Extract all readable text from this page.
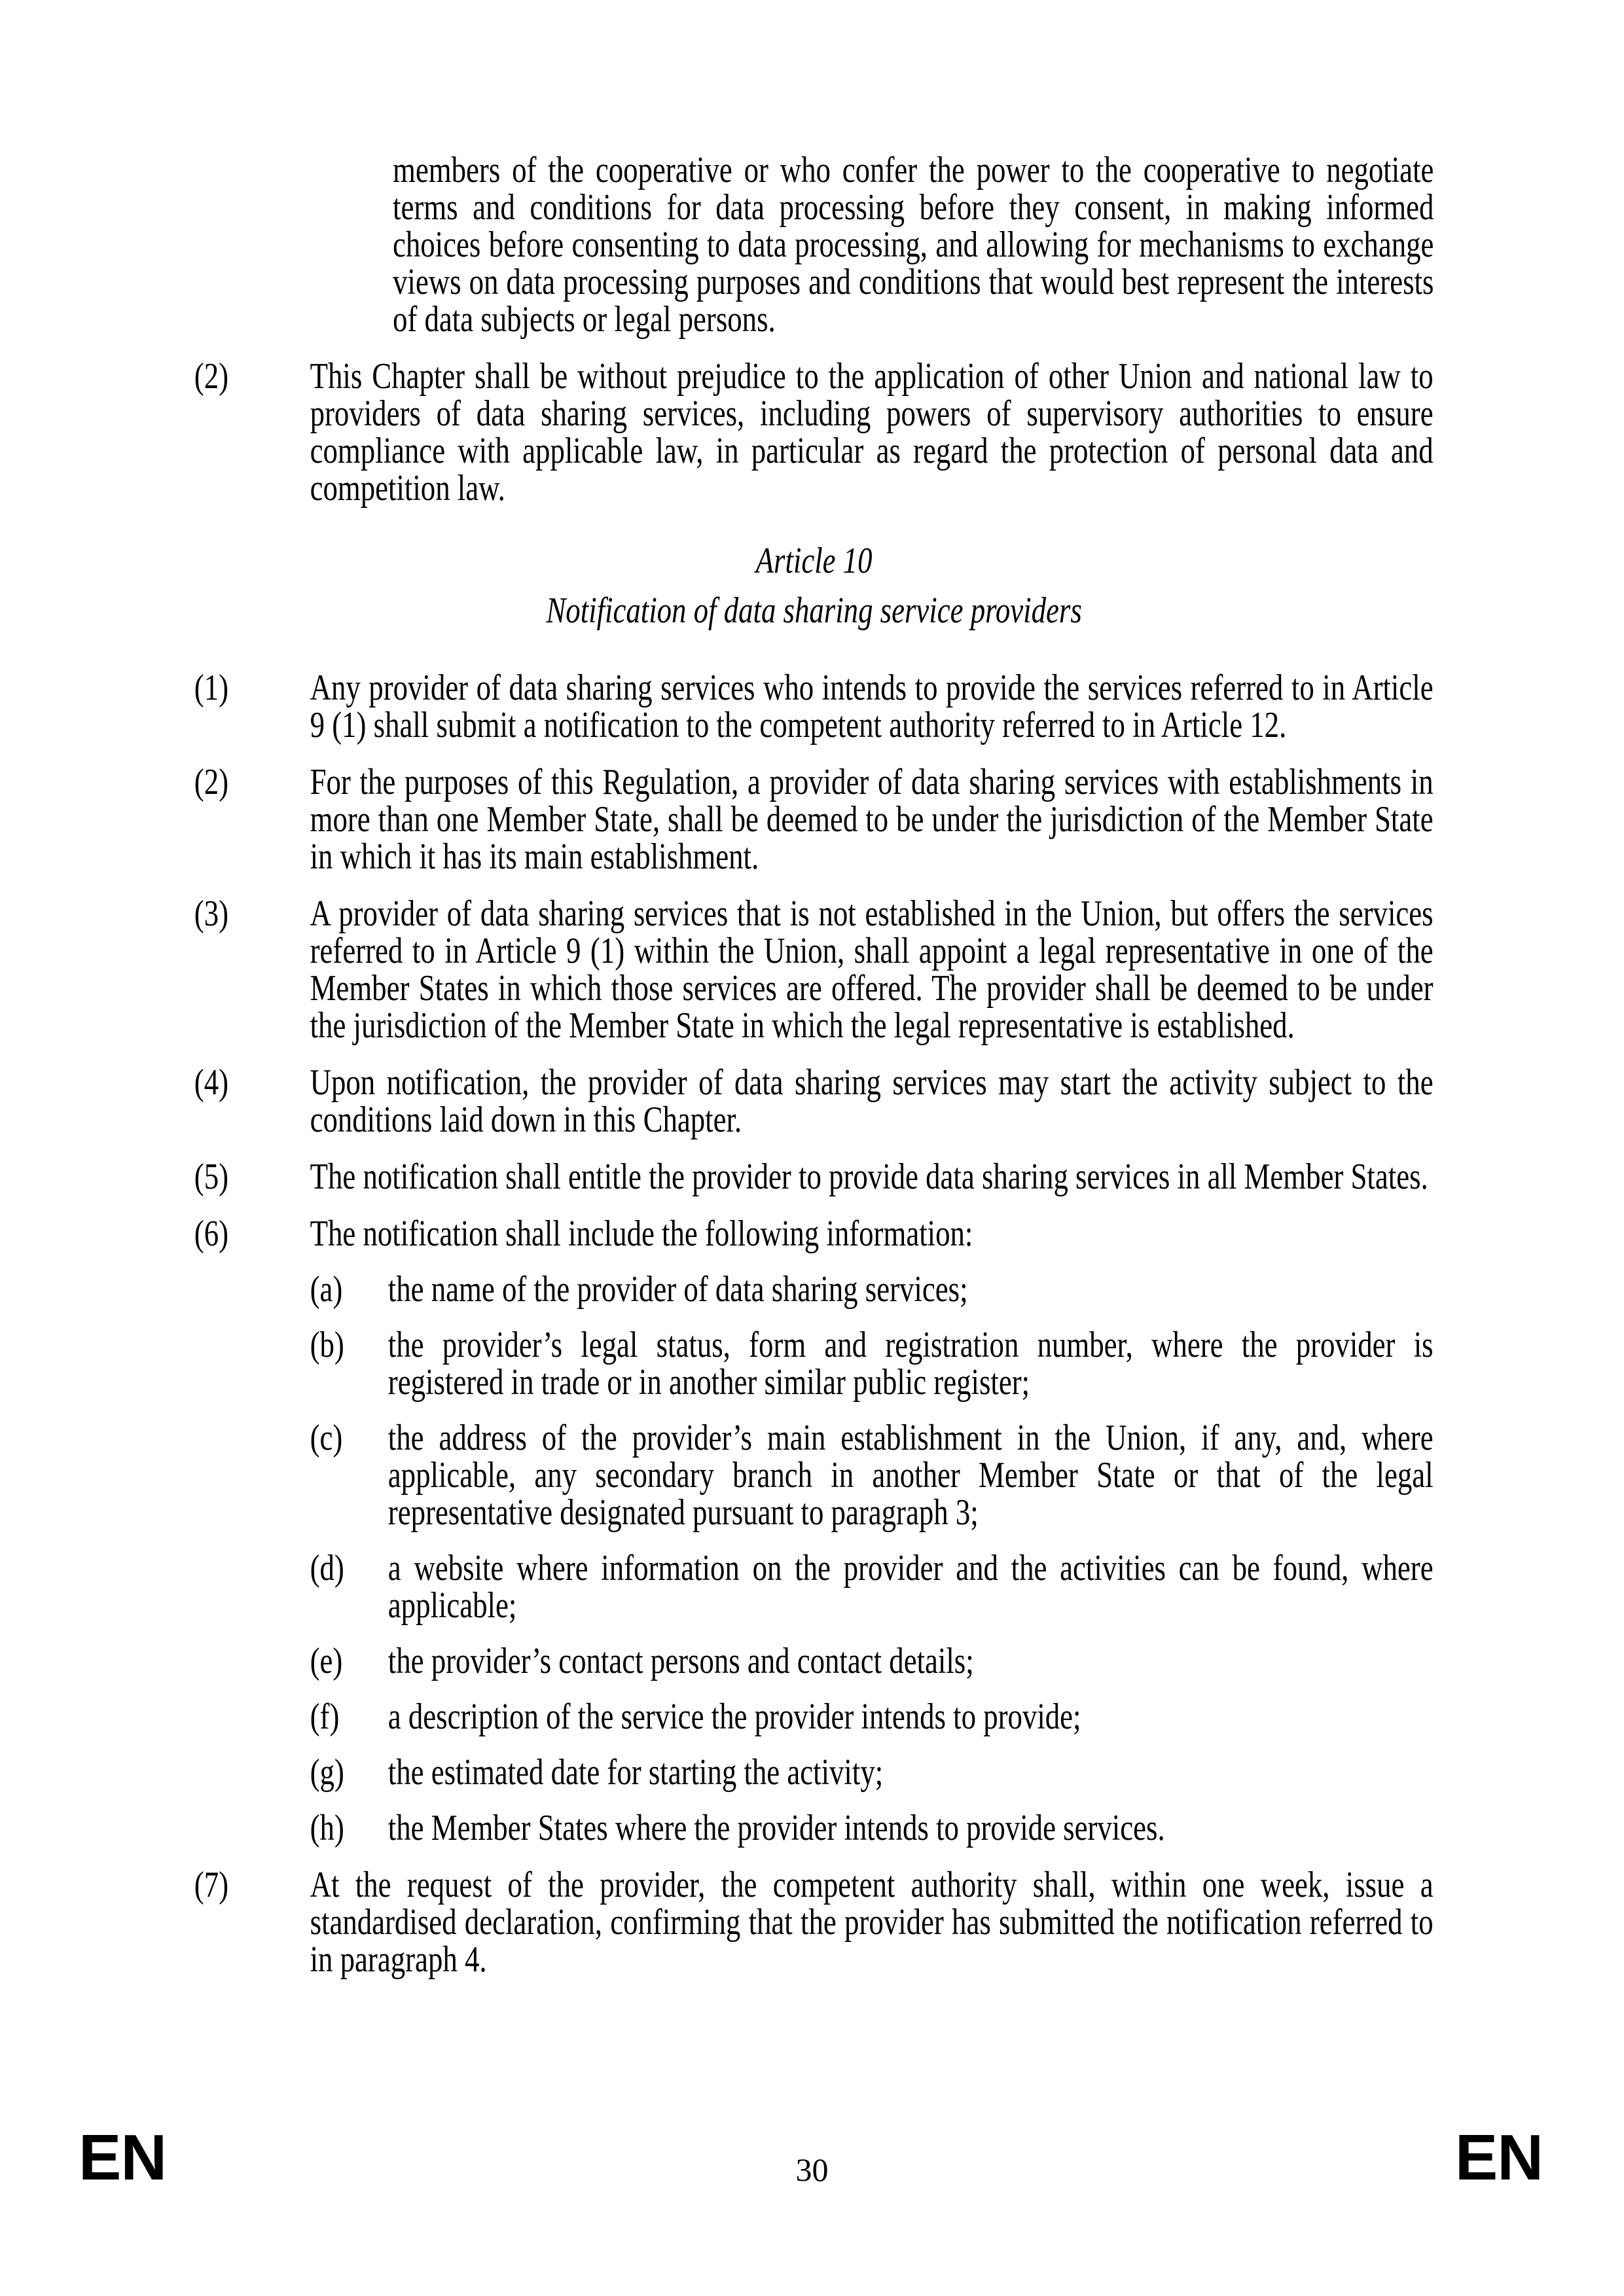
members of the cooperative or who confer the power to the cooperative to negotiate terms and conditions for data processing before they consent, in making informed choices before consenting to data processing, and allowing for mechanisms to exchange views on data processing purposes and conditions that would best represent the interests of data subjects or legal persons.
(2)	This Chapter shall be without prejudice to the application of other Union and national law to providers of data sharing services, including powers of supervisory authorities to ensure compliance with applicable law, in particular as regard the protection of personal data and competition law.
Article 10
Notification of data sharing service providers
(1)	Any provider of data sharing services who intends to provide the services referred to in Article 9 (1) shall submit a notification to the competent authority referred to in Article 12.
(2)	For the purposes of this Regulation, a provider of data sharing services with establishments in more than one Member State, shall be deemed to be under the jurisdiction of the Member State in which it has its main establishment.
(3)	A provider of data sharing services that is not established in the Union, but offers the services referred to in Article 9 (1) within the Union, shall appoint a legal representative in one of the Member States in which those services are offered. The provider shall be deemed to be under the jurisdiction of the Member State in which the legal representative is established.
(4)	Upon notification, the provider of data sharing services may start the activity subject to the conditions laid down in this Chapter.
(5)	The notification shall entitle the provider to provide data sharing services in all Member States.
(6)	The notification shall include the following information:
(a)	the name of the provider of data sharing services;
(b)	the provider’s legal status, form and registration number, where the provider is registered in trade or in another similar public register;
(c)	the address of the provider’s main establishment in the Union, if any, and, where applicable, any secondary branch in another Member State or that of the legal representative designated pursuant to paragraph 3;
(d)	a website where information on the provider and the activities can be found, where applicable;
(e)	the provider’s contact persons and contact details;
(f)	a description of the service the provider intends to provide;
(g)	the estimated date for starting the activity;
(h)	the Member States where the provider intends to provide services.
(7)	At the request of the provider, the competent authority shall, within one week, issue a standardised declaration, confirming that the provider has submitted the notification referred to in paragraph 4.
EN	30	EN
